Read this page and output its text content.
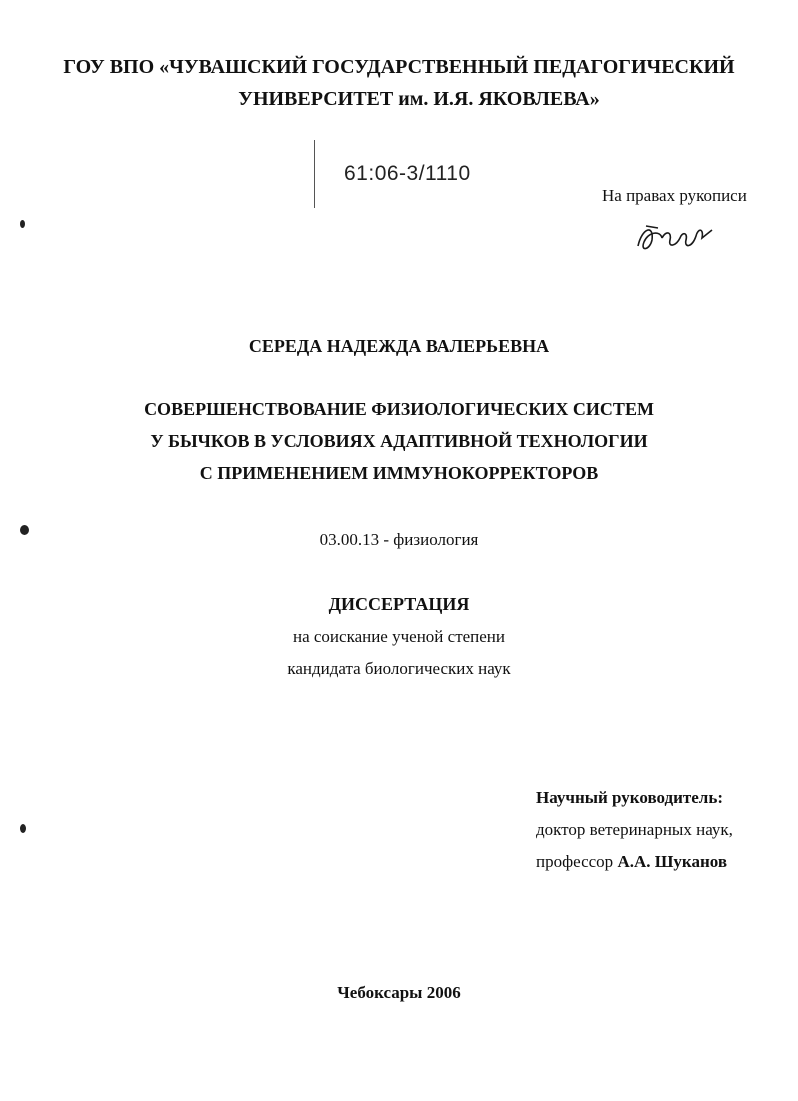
ГОУ ВПО «ЧУВАШСКИЙ ГОСУДАРСТВЕННЫЙ ПЕДАГОГИЧЕСКИЙ
УНИВЕРСИТЕТ им. И.Я. ЯКОВЛЕВА»
61:06-3/1110
На правах рукописи
СЕРЕДА НАДЕЖДА ВАЛЕРЬЕВНА
СОВЕРШЕНСТВОВАНИЕ ФИЗИОЛОГИЧЕСКИХ СИСТЕМ
У БЫЧКОВ В УСЛОВИЯХ АДАПТИВНОЙ ТЕХНОЛОГИИ
С ПРИМЕНЕНИЕМ ИММУНОКОРРЕКТОРОВ
03.00.13 - физиология
ДИССЕРТАЦИЯ
на соискание ученой степени
кандидата биологических наук
Научный руководитель:
доктор ветеринарных наук,
профессор А.А. Шуканов
Чебоксары 2006
